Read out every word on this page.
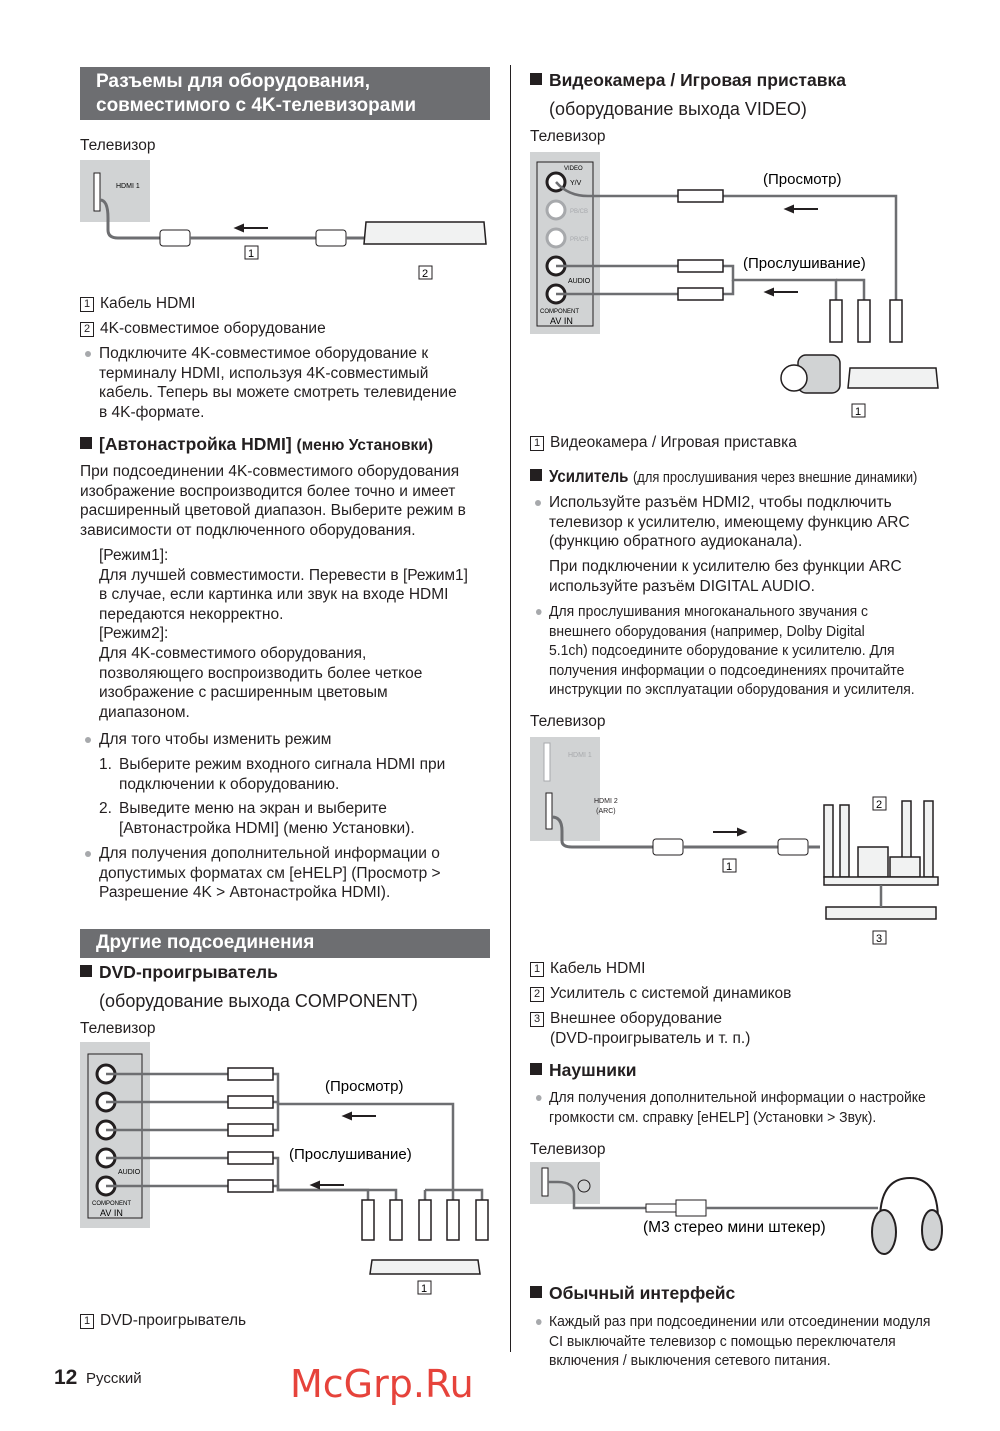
Разъемы для оборудования,
совместимого с 4K-телевизорами
Телевизор
HDMI 1
1
2
1 Кабель HDMI
2 4K-совместимое оборудование
Подключите 4K-совместимое оборудование к
терминалу HDMI, используя 4K-совместимый
кабель. Теперь вы можете смотреть телевидение
в 4K-формате.
[Автонастройка HDMI] (меню Установки)
При подсоединении 4K-совместимого оборудования
изображение воспроизводится более точно и имеет
расширенный цветовой диапазон. Выберите режим в
зависимости от подключенного оборудования.
[Режим1]:
Для лучшей совместимости. Перевести в [Режим1]
в случае, если картинка или звук на входе HDMI
передаются некорректно.
[Режим2]:
Для 4K-совместимого оборудования,
позволяющего воспроизводить более четкое
изображение с расширенным цветовым
диапазоном.
Для того чтобы изменить режим
1. Выберите режим входного сигнала HDMI при
подключении к оборудованию.
2. Выведите меню на экран и выберите
[Автонастройка HDMI] (меню Установки).
Для получения дополнительной информации о
допустимых форматах см [eHELP] (Просмотр >
Разрешение 4K > Автонастройка HDMI).
Другие подсоединения
DVD-проигрыватель
(оборудование выхода COMPONENT)
Телевизор
AUDIO
COMPONENT
AV IN
(Просмотр)
(Прослушивание)
1
1 DVD-проигрыватель
12 Русский
Видеокамера / Игровая приставка
(оборудование выхода VIDEO)
Телевизор
VIDEO
Y/V
PB/CB
PR/CR
AUDIO
COMPONENT
AV IN
(Просмотр)
(Прослушивание)
1
1 Видеокамера / Игровая приставка
Усилитель (для прослушивания через внешние динамики)
Используйте разъём HDMI2, чтобы подключить
телевизор к усилителю, имеющему функцию ARC
(функцию обратного аудиоканала).
При подключении к усилителю без функции ARC
используйте разъём DIGITAL AUDIO.
Для прослушивания многоканального звучания с
внешнего оборудования (например, Dolby Digital
5.1ch) подсоедините оборудование к усилителю. Для
получения информации о подсоединениях прочитайте
инструкции по эксплуатации оборудования и усилителя.
Телевизор
HDMI 1
1
2
3
HDMI 2
(ARC)
1 Кабель HDMI
2 Усилитель с системой динамиков
3 Внешнее оборудование
(DVD-проигрыватель и т. п.)
Наушники
Для получения дополнительной информации о настройке
громкости см. справку [eHELP] (Установки > Звук).
Телевизор
(M3 стерео мини штекер)
Обычный интерфейс
Каждый раз при подсоединении или отсоединении модуля
CI выключайте телевизор с помощью переключателя
включения / выключения сетевого питания.
McGrp.Ru
